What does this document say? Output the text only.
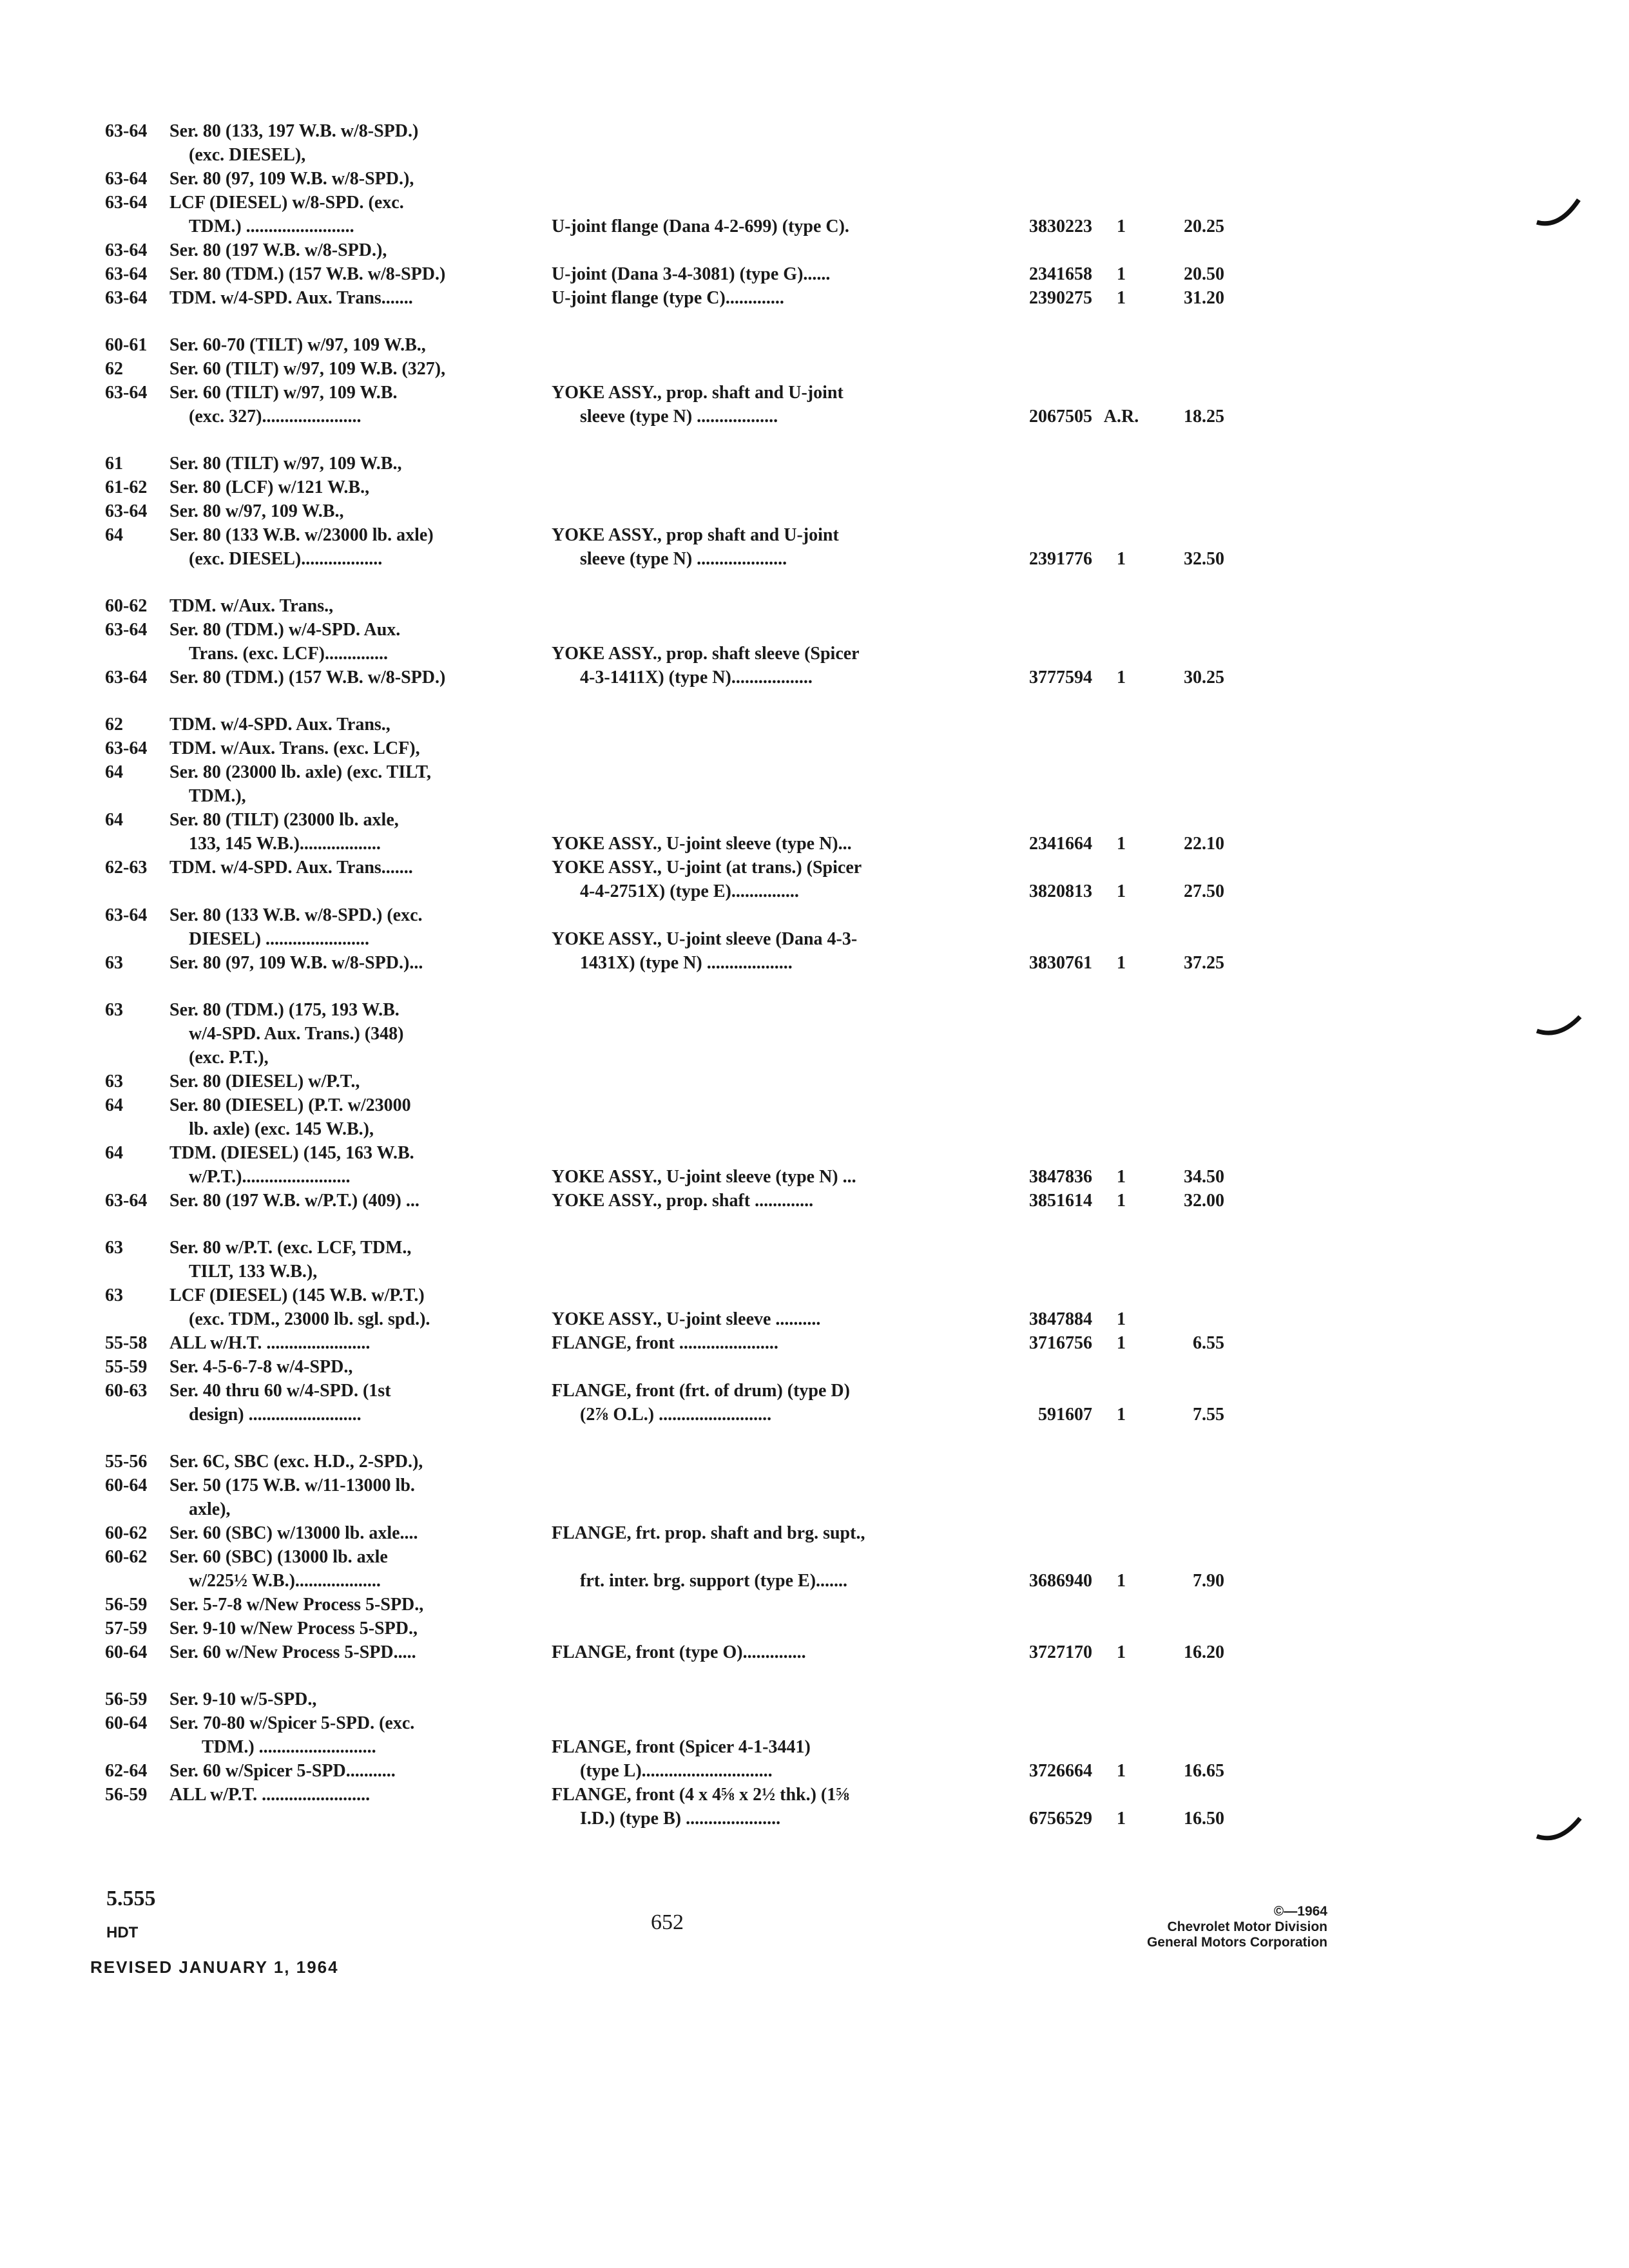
63-64 Ser. 80 (133, 197 W.B. w/8-SPD.)
(exc. DIESEL),
63-64 Ser. 80 (97, 109 W.B. w/8-SPD.),
63-64 LCF (DIESEL) w/8-SPD. (exc.
TDM.) ........................	U-joint flange (Dana 4-2-699) (type C).	3830223	1	20.25
63-64 Ser. 80 (197 W.B. w/8-SPD.),
63-64 Ser. 80 (TDM.) (157 W.B. w/8-SPD.)	U-joint (Dana 3-4-3081) (type G)......	2341658	1	20.50
63-64 TDM. w/4-SPD. Aux. Trans.......	U-joint flange (type C).............	2390275	1	31.20
60-61 Ser. 60-70 (TILT) w/97, 109 W.B.,
62	Ser. 60 (TILT) w/97, 109 W.B. (327),
63-64 Ser. 60 (TILT) w/97, 109 W.B.	YOKE ASSY., prop. shaft and U-joint
(exc. 327)......................	sleeve (type N) ..................	2067505 A.R.	18.25
61	Ser. 80 (TILT) w/97, 109 W.B.,
61-62 Ser. 80 (LCF) w/121 W.B.,
63-64 Ser. 80 w/97, 109 W.B.,
64	Ser. 80 (133 W.B. w/23000 lb. axle)	YOKE ASSY., prop shaft and U-joint
(exc. DIESEL)..................	sleeve (type N) ....................	2391776	1	32.50
60-62 TDM. w/Aux. Trans.,
63-64 Ser. 80 (TDM.) w/4-SPD. Aux.
Trans. (exc. LCF)..............	YOKE ASSY., prop. shaft sleeve (Spicer
63-64 Ser. 80 (TDM.) (157 W.B. w/8-SPD.)	4-3-1411X) (type N)..................	3777594	1	30.25
62	TDM. w/4-SPD. Aux. Trans.,
63-64 TDM. w/Aux. Trans. (exc. LCF),
64	Ser. 80 (23000 lb. axle) (exc. TILT,
TDM.),
64	Ser. 80 (TILT) (23000 lb. axle,
133, 145 W.B.)..................	YOKE ASSY., U-joint sleeve (type N)...	2341664	1	22.10
62-63 TDM. w/4-SPD. Aux. Trans.......	YOKE ASSY., U-joint (at trans.) (Spicer
4-4-2751X) (type E)...............	3820813	1	27.50
63-64 Ser. 80 (133 W.B. w/8-SPD.) (exc.
DIESEL) .......................	YOKE ASSY., U-joint sleeve (Dana 4-3-
63	Ser. 80 (97, 109 W.B. w/8-SPD.)...	1431X) (type N) ...................	3830761	1	37.25
63	Ser. 80 (TDM.) (175, 193 W.B.
w/4-SPD. Aux. Trans.) (348)
(exc. P.T.),
63	Ser. 80 (DIESEL) w/P.T.,
64	Ser. 80 (DIESEL) (P.T. w/23000
lb. axle) (exc. 145 W.B.),
64	TDM. (DIESEL) (145, 163 W.B.
w/P.T.)........................	YOKE ASSY., U-joint sleeve (type N) ...	3847836	1	34.50
63-64 Ser. 80 (197 W.B. w/P.T.) (409) ...	YOKE ASSY., prop. shaft .............	3851614	1	32.00
63	Ser. 80 w/P.T. (exc. LCF, TDM.,
TILT, 133 W.B.),
63	LCF (DIESEL) (145 W.B. w/P.T.)
(exc. TDM., 23000 lb. sgl. spd.).	YOKE ASSY., U-joint sleeve ..........	3847884	1
55-58 ALL w/H.T. .......................	FLANGE, front ......................	3716756	1	6.55
55-59 Ser. 4-5-6-7-8 w/4-SPD.,
60-63 Ser. 40 thru 60 w/4-SPD. (1st	FLANGE, front (frt. of drum) (type D)
design) .........................	(2⅞ O.L.) .........................	591607	1	7.55
55-56 Ser. 6C, SBC (exc. H.D., 2-SPD.),
60-64 Ser. 50 (175 W.B. w/11-13000 lb.
axle),
60-62 Ser. 60 (SBC) w/13000 lb. axle....	FLANGE, frt. prop. shaft and brg. supt.,
60-62 Ser. 60 (SBC) (13000 lb. axle
w/225½ W.B.)...................	frt. inter. brg. support (type E).......	3686940	1	7.90
56-59 Ser. 5-7-8 w/New Process 5-SPD.,
57-59 Ser. 9-10 w/New Process 5-SPD.,
60-64 Ser. 60 w/New Process 5-SPD.....	FLANGE, front (type O)..............	3727170	1	16.20
56-59 Ser. 9-10 w/5-SPD.,
60-64 Ser. 70-80 w/Spicer 5-SPD. (exc.
TDM.) ..........................	FLANGE, front (Spicer 4-1-3441)
62-64 Ser. 60 w/Spicer 5-SPD...........	(type L).............................	3726664	1	16.65
56-59 ALL w/P.T. ........................	FLANGE, front (4 x 4⅝ x 2½ thk.) (1⅝
I.D.) (type B) .....................	6756529	1	16.50
5.555
HDT
REVISED JANUARY 1, 1964
652	©—1964
Chevrolet Motor Division
General Motors Corporation
